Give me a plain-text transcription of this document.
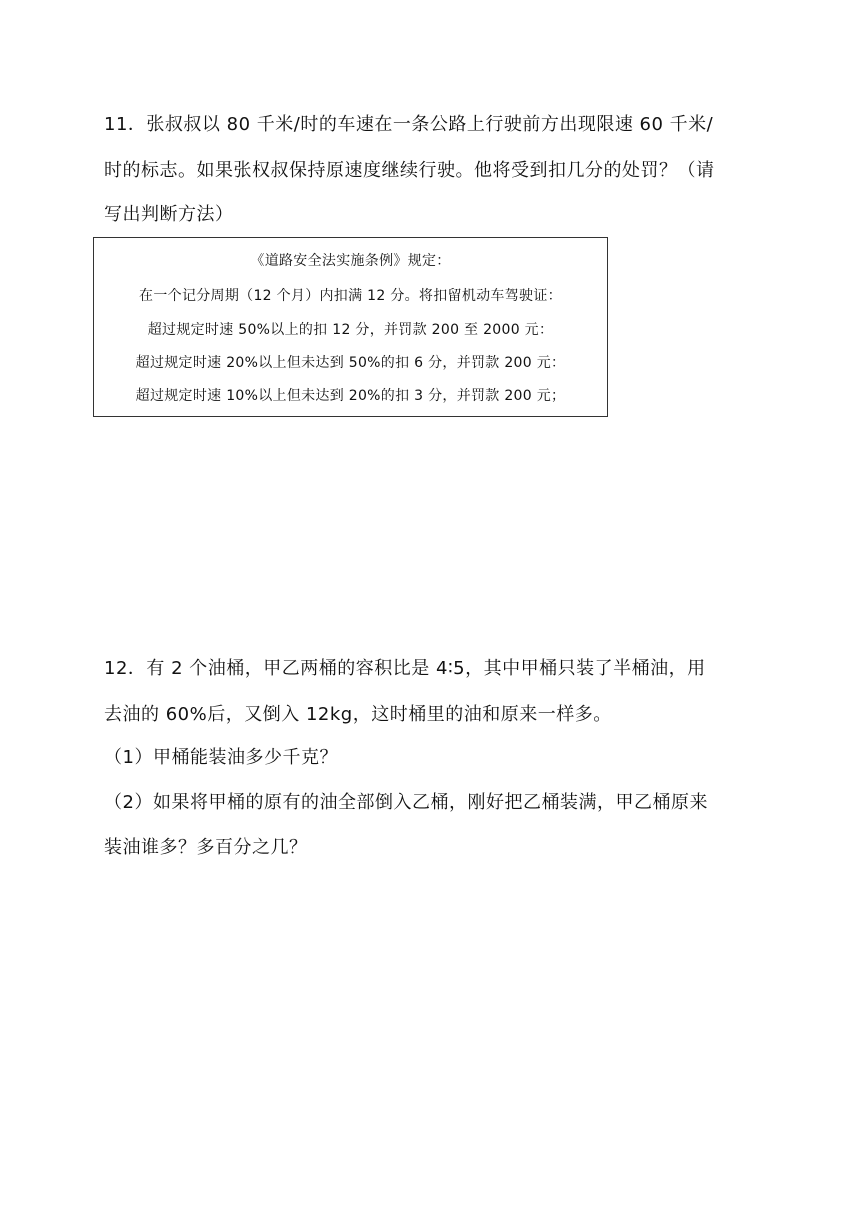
11．张叔叔以 80 千米/时的车速在一条公路上行驶前方出现限速 60 千米/
时的标志。如果张权叔保持原速度继续行驶。他将受到扣几分的处罚？（请
写出判断方法）
《道路安全法实施条例》规定：
在一个记分周期（12 个月）内扣满 12 分。将扣留机动车驾驶证：
超过规定时速 50%以上的扣 12 分，并罚款 200 至 2000 元：
超过规定时速 20%以上但未达到 50%的扣 6 分，并罚款 200 元：
超过规定时速 10%以上但未达到 20%的扣 3 分，并罚款 200 元；
12．有 2 个油桶，甲乙两桶的容积比是 4∶5，其中甲桶只装了半桶油，用
去油的 60%后，又倒入 12kg，这时桶里的油和原来一样多。
（1）甲桶能装油多少千克？
（2）如果将甲桶的原有的油全部倒入乙桶，刚好把乙桶装满，甲乙桶原来
装油谁多？多百分之几？
